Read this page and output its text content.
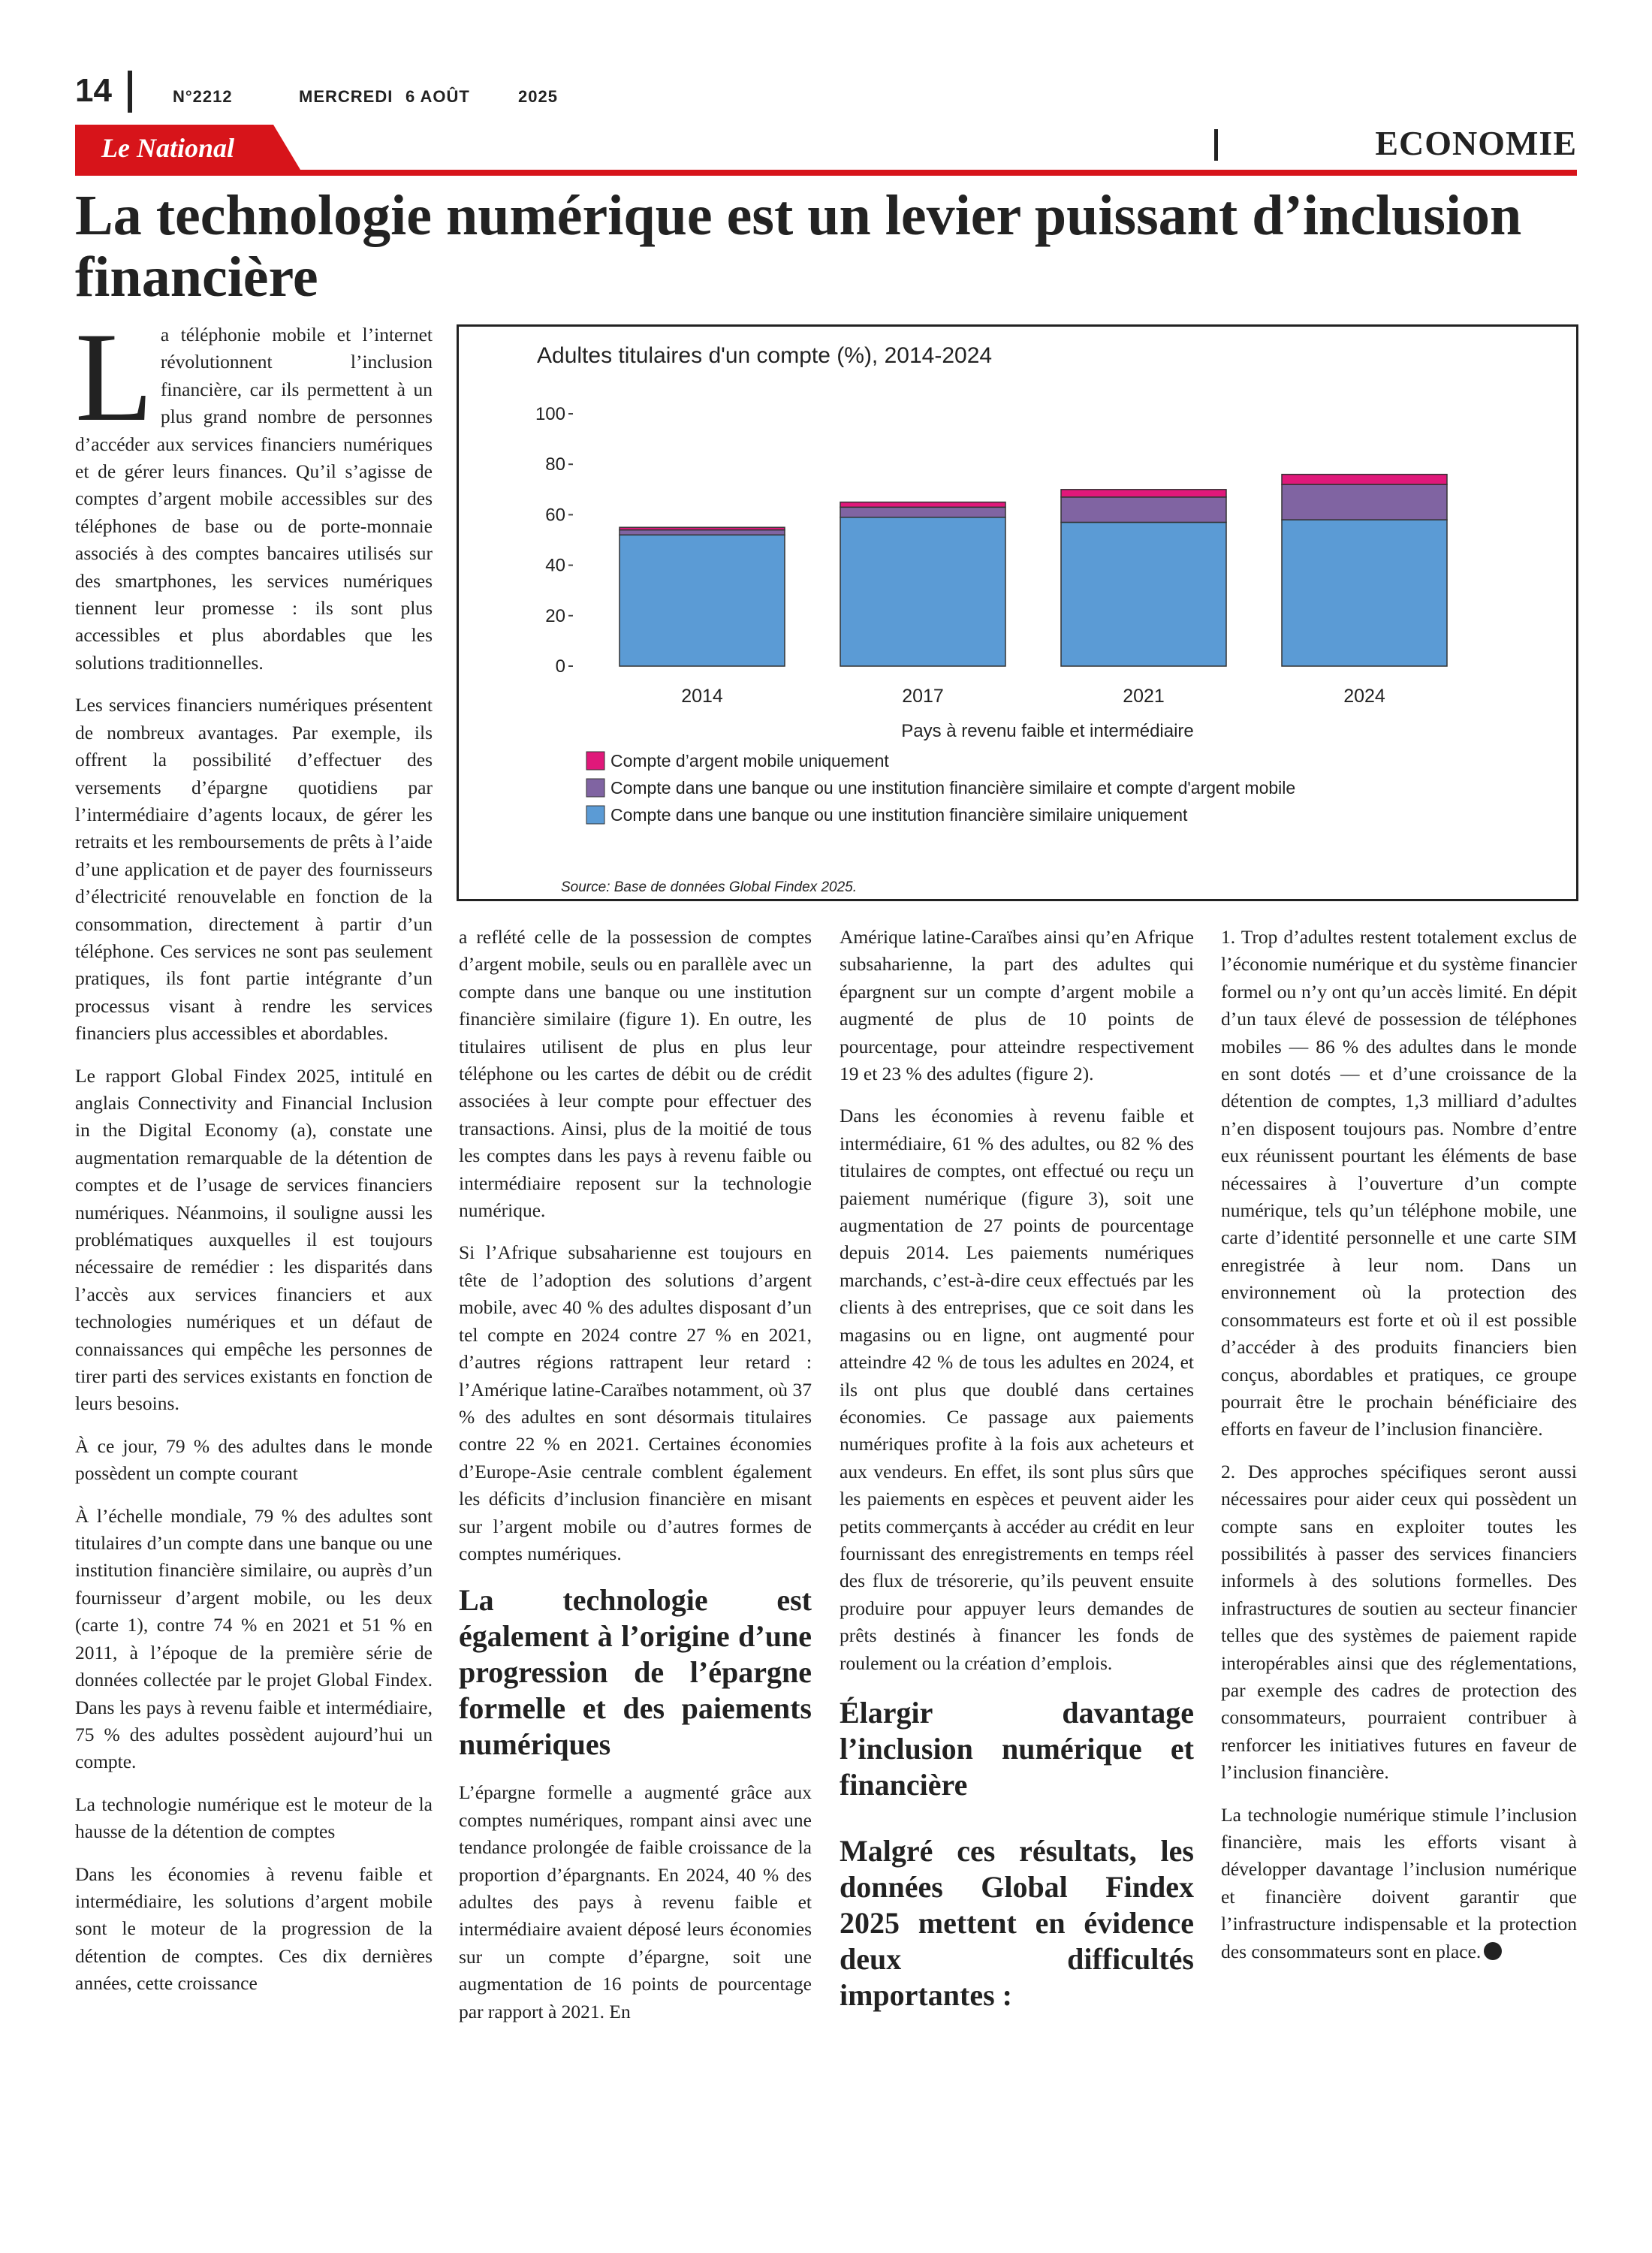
14	N°2212	MERCREDI 6 AOÛT	2025
Le National	ECONOMIE
La technologie numérique est un levier puissant d’inclusion financière

La téléphonie mobile et l’internet révolutionnent l’inclusion financière, car ils permettent à un plus grand nombre de personnes d’accéder aux services financiers numériques et de gérer leurs finances. Qu’il s’agisse de comptes d’argent mobile accessibles sur des téléphones de base ou de porte-monnaie associés à des comptes bancaires utilisés sur des smartphones, les services numériques tiennent leur promesse : ils sont plus accessibles et plus abordables que les solutions traditionnelles.

Les services financiers numériques présentent de nombreux avantages. Par exemple, ils offrent la possibilité d’effectuer des versements d’épargne quotidiens par l’intermédiaire d’agents locaux, de gérer les retraits et les remboursements de prêts à l’aide d’une application et de payer des fournisseurs d’électricité renouvelable en fonction de la consommation, directement à partir d’un téléphone. Ces services ne sont pas seulement pratiques, ils font partie intégrante d’un processus visant à rendre les services financiers plus accessibles et abordables.

Le rapport Global Findex 2025, intitulé en anglais Connectivity and Financial Inclusion in the Digital Economy (a), constate une augmentation remarquable de la détention de comptes et de l’usage de services financiers numériques. Néanmoins, il souligne aussi les problématiques auxquelles il est toujours nécessaire de remédier : les disparités dans l’accès aux services financiers et aux technologies numériques et un défaut de connaissances qui empêche les personnes de tirer parti des services existants en fonction de leurs besoins.

À ce jour, 79 % des adultes dans le monde possèdent un compte courant

À l’échelle mondiale, 79 % des adultes sont titulaires d’un compte dans une banque ou une institution financière similaire, ou auprès d’un fournisseur d’argent mobile, ou les deux (carte 1), contre 74 % en 2021 et 51 % en 2011, à l’époque de la première série de données collectée par le projet Global Findex. Dans les pays à revenu faible et intermédiaire, 75 % des adultes possèdent aujourd’hui un compte.

La technologie numérique est le moteur de la hausse de la détention de comptes

Dans les économies à revenu faible et intermédiaire, les solutions d’argent mobile sont le moteur de la progression de la détention de comptes. Ces dix dernières années, cette croissance

Adultes titulaires d'un compte (%), 2014-2024
100
80
60
40
20
0
2014	2017	2021	2024
Pays à revenu faible et intermédiaire
Compte d’argent mobile uniquement
Compte dans une banque ou une institution financière similaire et compte d'argent mobile
Compte dans une banque ou une institution financière similaire uniquement
Source: Base de données Global Findex 2025.

a reflété celle de la possession de comptes d’argent mobile, seuls ou en parallèle avec un compte dans une banque ou une institution financière similaire (figure 1). En outre, les titulaires utilisent de plus en plus leur téléphone ou les cartes de débit ou de crédit associées à leur compte pour effectuer des transactions. Ainsi, plus de la moitié de tous les comptes dans les pays à revenu faible ou intermédiaire reposent sur la technologie numérique.

Si l’Afrique subsaharienne est toujours en tête de l’adoption des solutions d’argent mobile, avec 40 % des adultes disposant d’un tel compte en 2024 contre 27 % en 2021, d’autres régions rattrapent leur retard : l’Amérique latine-Caraïbes notamment, où 37 % des adultes en sont désormais titulaires contre 22 % en 2021. Certaines économies d’Europe-Asie centrale comblent également les déficits d’inclusion financière en misant sur l’argent mobile ou d’autres formes de comptes numériques.

La technologie est également à l’origine d’une progression de l’épargne formelle et des paiements numériques

L’épargne formelle a augmenté grâce aux comptes numériques, rompant ainsi avec une tendance prolongée de faible croissance de la proportion d’épargnants. En 2024, 40 % des adultes des pays à revenu faible et intermédiaire avaient déposé leurs économies sur un compte d’épargne, soit une augmentation de 16 points de pourcentage par rapport à 2021. En

Amérique latine-Caraïbes ainsi qu’en Afrique subsaharienne, la part des adultes qui épargnent sur un compte d’argent mobile a augmenté de plus de 10 points de pourcentage, pour atteindre respectivement 19 et 23 % des adultes (figure 2).

Dans les économies à revenu faible et intermédiaire, 61 % des adultes, ou 82 % des titulaires de comptes, ont effectué ou reçu un paiement numérique (figure 3), soit une augmentation de 27 points de pourcentage depuis 2014. Les paiements numériques marchands, c’est-à-dire ceux effectués par les clients à des entreprises, que ce soit dans les magasins ou en ligne, ont augmenté pour atteindre 42 % de tous les adultes en 2024, et ils ont plus que doublé dans certaines économies. Ce passage aux paiements numériques profite à la fois aux acheteurs et aux vendeurs. En effet, ils sont plus sûrs que les paiements en espèces et peuvent aider les petits commerçants à accéder au crédit en leur fournissant des enregistrements en temps réel des flux de trésorerie, qu’ils peuvent ensuite produire pour appuyer leurs demandes de prêts destinés à financer les fonds de roulement ou la création d’emplois.

Élargir davantage l’inclusion numérique et financière
Malgré ces résultats, les données Global Findex 2025 mettent en évidence deux difficultés importantes :

1. Trop d’adultes restent totalement exclus de l’économie numérique et du système financier formel ou n’y ont qu’un accès limité. En dépit d’un taux élevé de possession de téléphones mobiles — 86 % des adultes dans le monde en sont dotés — et d’une croissance de la détention de comptes, 1,3 milliard d’adultes n’en disposent toujours pas. Nombre d’entre eux réunissent pourtant les éléments de base nécessaires à l’ouverture d’un compte numérique, tels qu’un téléphone mobile, une carte d’identité personnelle et une carte SIM enregistrée à leur nom. Dans un environnement où la protection des consommateurs est forte et où il est possible d’accéder à des produits financiers bien conçus, abordables et pratiques, ce groupe pourrait être le prochain bénéficiaire des efforts en faveur de l’inclusion financière.

2. Des approches spécifiques seront aussi nécessaires pour aider ceux qui possèdent un compte sans en exploiter toutes les possibilités à passer des services financiers informels à des solutions formelles. Des infrastructures de soutien au secteur financier telles que des systèmes de paiement rapide interopérables ainsi que des réglementations, par exemple des cadres de protection des consommateurs, pourraient contribuer à renforcer les initiatives futures en faveur de l’inclusion financière.

La technologie numérique stimule l’inclusion financière, mais les efforts visant à développer davantage l’inclusion numérique et financière doivent garantir que l’infrastructure indispensable et la protection des consommateurs sont en place.
